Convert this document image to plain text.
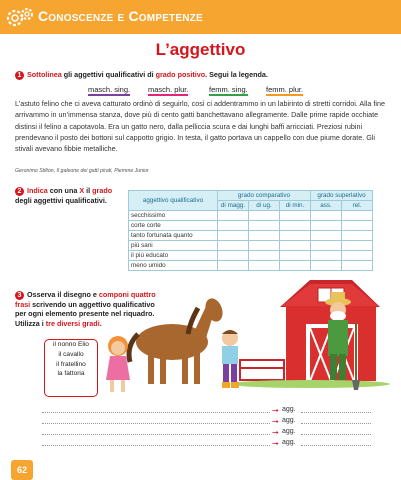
Conoscenze e Competenze
L’aggettivo
1 Sottolinea gli aggettivi qualificativi di grado positivo. Segui la legenda.
masch. sing. masch. plur.	femm. sing. femm. plur.
L’astuto felino che ci aveva catturato ordinò di seguirlo, così ci addentrammo in un labirinto di stretti corridoi. Alla fine arrivammo in un’immensa stanza, dove più di cento gatti banchettavano allegramente. Dalle prime rapide occhiate distinsi il felino a capotavola. Era un gatto nero, dalla pelliccia scura e dai lunghi baffi arricciati. Preziosi rubini prendevano il posto dei bottoni sul cappotto grigio. In testa, il gatto portava un cappello con due piume dorate. Gli stivali avevano fibbie metalliche.
Geronimo Stilton, Il galeone dei gatti pirati, Piemme Junior
2 Indica con una X il grado degli aggettivi qualificativi.	aggettivo qualificativo	grado comparativo			grado superlativo	
	di magg.	di ug.	di min.	ass.	rel.
secchissimo					
corte corte					
tanto fortunata quanto					
più sani					
il più educato					
meno umido					
3 Osserva il disegno e componi quattro frasi scrivendo un aggettivo qualificativo per ogni elemento presente nel riquadro. Utilizza i tre diversi gradi.
il nonno Elio
il cavallo
il fratellino
la fattoria
➞ agg.
➞ agg.
➞ agg.
➞ agg.
62
